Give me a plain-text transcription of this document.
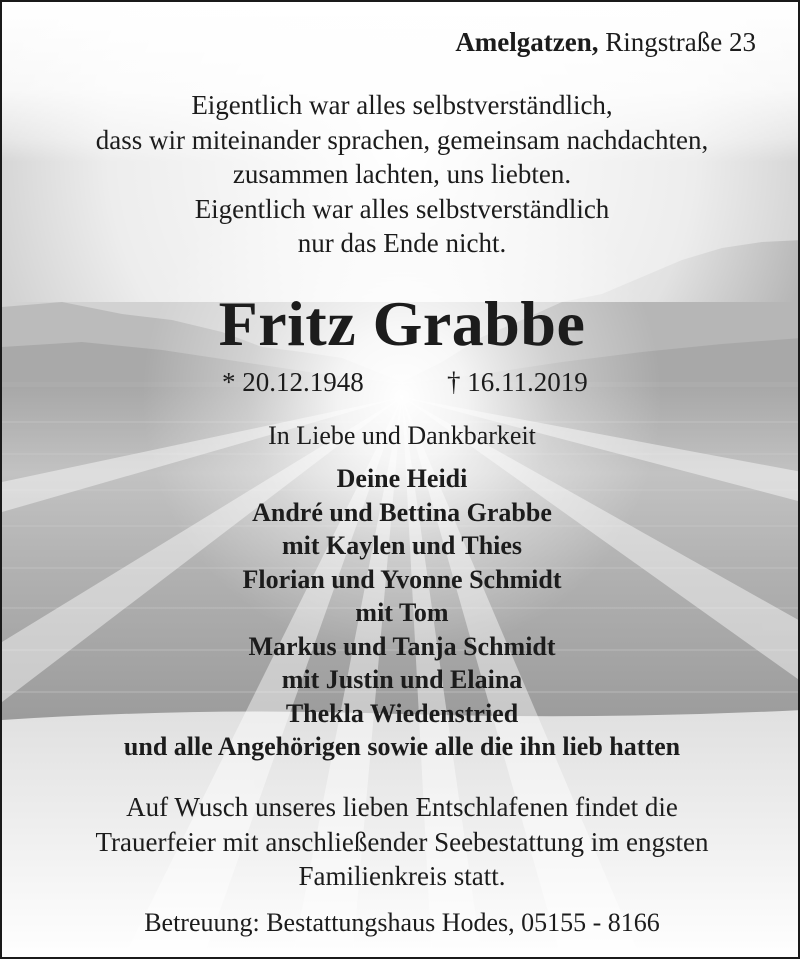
Amelgatzen, Ringstraße 23
Eigentlich war alles selbstverständlich,
dass wir miteinander sprachen, gemeinsam nachdachten,
zusammen lachten, uns liebten.
Eigentlich war alles selbstverständlich
nur das Ende nicht.
Fritz Grabbe
* 20.12.1948	† 16.11.2019
In Liebe und Dankbarkeit
Deine Heidi
André und Bettina Grabbe
mit Kaylen und Thies
Florian und Yvonne Schmidt
mit Tom
Markus und Tanja Schmidt
mit Justin und Elaina
Thekla Wiedenstried
und alle Angehörigen sowie alle die ihn lieb hatten
Auf Wusch unseres lieben Entschlafenen findet die
Trauerfeier mit anschließender Seebestattung im engsten
Familienkreis statt.
Betreuung: Bestattungshaus Hodes, 05155 - 8166
